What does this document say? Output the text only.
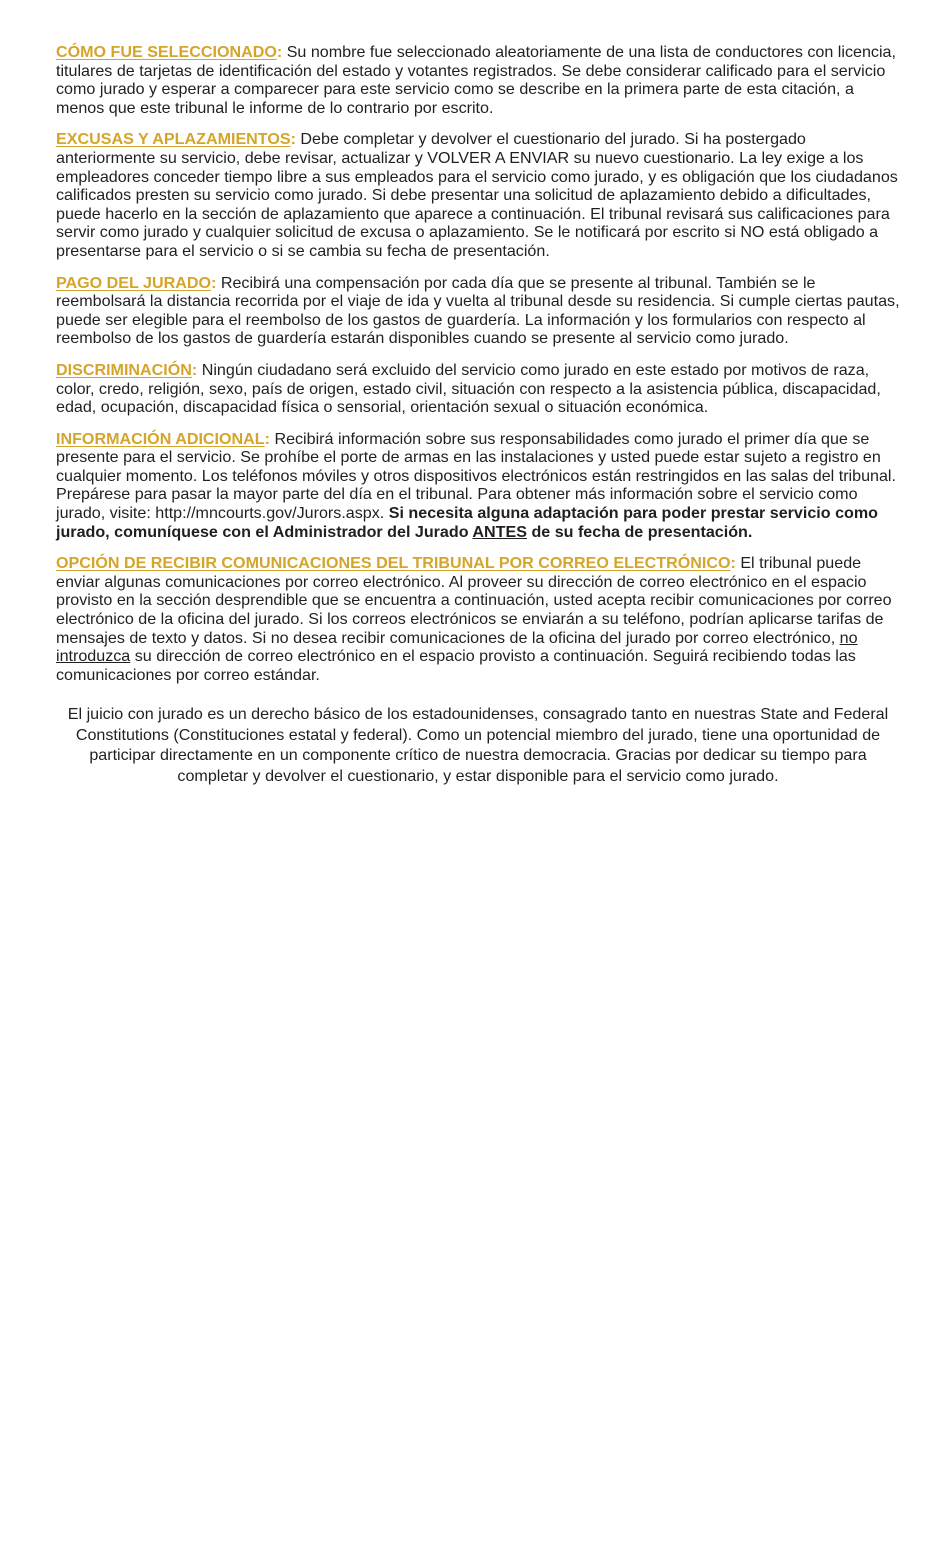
CÓMO FUE SELECCIONADO: Su nombre fue seleccionado aleatoriamente de una lista de conductores con licencia, titulares de tarjetas de identificación del estado y votantes registrados. Se debe considerar calificado para el servicio como jurado y esperar a comparecer para este servicio como se describe en la primera parte de esta citación, a menos que este tribunal le informe de lo contrario por escrito.

EXCUSAS Y APLAZAMIENTOS: Debe completar y devolver el cuestionario del jurado. Si ha postergado anteriormente su servicio, debe revisar, actualizar y VOLVER A ENVIAR su nuevo cuestionario. La ley exige a los empleadores conceder tiempo libre a sus empleados para el servicio como jurado, y es obligación que los ciudadanos calificados presten su servicio como jurado. Si debe presentar una solicitud de aplazamiento debido a dificultades, puede hacerlo en la sección de aplazamiento que aparece a continuación. El tribunal revisará sus calificaciones para servir como jurado y cualquier solicitud de excusa o aplazamiento. Se le notificará por escrito si NO está obligado a presentarse para el servicio o si se cambia su fecha de presentación.

PAGO DEL JURADO: Recibirá una compensación por cada día que se presente al tribunal. También se le reembolsará la distancia recorrida por el viaje de ida y vuelta al tribunal desde su residencia. Si cumple ciertas pautas, puede ser elegible para el reembolso de los gastos de guardería. La información y los formularios con respecto al reembolso de los gastos de guardería estarán disponibles cuando se presente al servicio como jurado.

DISCRIMINACIÓN: Ningún ciudadano será excluido del servicio como jurado en este estado por motivos de raza, color, credo, religión, sexo, país de origen, estado civil, situación con respecto a la asistencia pública, discapacidad, edad, ocupación, discapacidad física o sensorial, orientación sexual o situación económica.

INFORMACIÓN ADICIONAL: Recibirá información sobre sus responsabilidades como jurado el primer día que se presente para el servicio. Se prohíbe el porte de armas en las instalaciones y usted puede estar sujeto a registro en cualquier momento. Los teléfonos móviles y otros dispositivos electrónicos están restringidos en las salas del tribunal. Prepárese para pasar la mayor parte del día en el tribunal. Para obtener más información sobre el servicio como jurado, visite: http://mncourts.gov/Jurors.aspx. Si necesita alguna adaptación para poder prestar servicio como jurado, comuníquese con el Administrador del Jurado ANTES de su fecha de presentación.

OPCIÓN DE RECIBIR COMUNICACIONES DEL TRIBUNAL POR CORREO ELECTRÓNICO: El tribunal puede enviar algunas comunicaciones por correo electrónico. Al proveer su dirección de correo electrónico en el espacio provisto en la sección desprendible que se encuentra a continuación, usted acepta recibir comunicaciones por correo electrónico de la oficina del jurado. Si los correos electrónicos se enviarán a su teléfono, podrían aplicarse tarifas de mensajes de texto y datos. Si no desea recibir comunicaciones de la oficina del jurado por correo electrónico, no introduzca su dirección de correo electrónico en el espacio provisto a continuación. Seguirá recibiendo todas las comunicaciones por correo estándar.

El juicio con jurado es un derecho básico de los estadounidenses, consagrado tanto en nuestras State and Federal Constitutions (Constituciones estatal y federal). Como un potencial miembro del jurado, tiene una oportunidad de participar directamente en un componente crítico de nuestra democracia. Gracias por dedicar su tiempo para completar y devolver el cuestionario, y estar disponible para el servicio como jurado.
